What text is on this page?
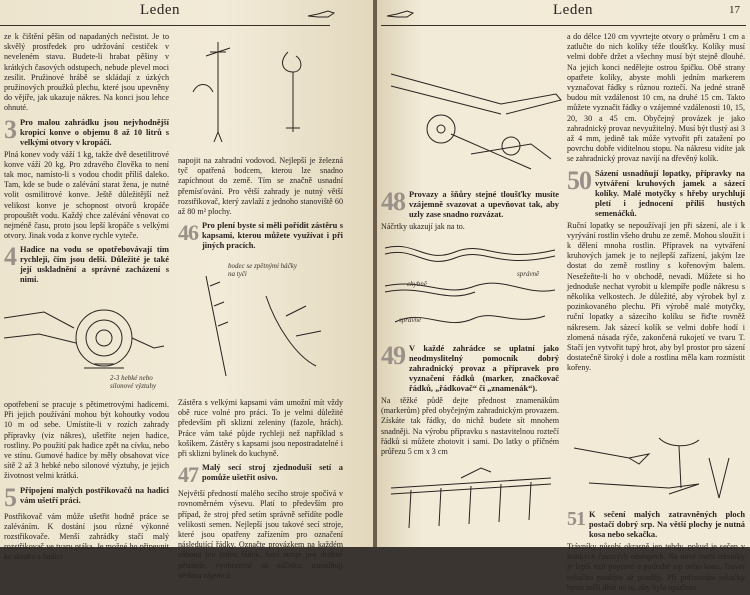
Leden

ze k čištění pěšin od napadaných nečistot. Je to skvělý prostředek pro udržování cestiček v neveleném stavu. Budete-li hrabat pěšiny v krátkých časových odstupech, nebude plevel moci zesílit. Pružinové hrábě se skládají z úzkých pružinových proužků plechu, které jsou upevněny do vějíře, jak ukazuje nákres. Na konci jsou lehce ohnuté.

3 Pro malou zahrádku jsou nejvhodnější kropicí konve o objemu 8 až 10 litrů s velkými otvory v kropáči.

Plná konev vody váží 1 kg, takže dvě desetilitrové konve váží 20 kg. Pro zdravého člověka to není tak moc, namísto-li s vodou chodit příliš daleko. Tam, kde se bude o zalévání starat žena, je nutné volit osmilitrové konve. Ještě důležitější než velikost konve je schopnost otvorů kropáče propouštět vodu. Každý chce zalévání věnovat co nejméně času, proto jsou lepší kropáče s velkými otvory. Jinak voda z konve rychle vyteče.

4 Hadice na vodu se opotřebovávají tím rychleji, čím jsou delší. Důležité je také její uskladnění a správné zacházení s nimi.
2-3 hebké nebo silonové výztuhy

opotřebení se pracuje s pětimetrovými hadicemi. Při jejich používání mohou být kohoutky vodou 10 m od sebe. Umístíte-li v rozích zahrady přípravky (viz nákres), ušetříte nejen hadice, rostliny. Po použití pak hadice zpět na cívku, nebo ve stínu. Gumové hadice by měly obsahovat více sítě 2 až 3 hebké nebo silonové výztuhy, je jejich životnost velmi krátká.

5 Připojení malých postřikovačů na hadici vám ušetří práci.

Postřikovač vám může ušetřit hodně práce se zaléváním. K dostání jsou různé výkonné rozstřikovače. Menší zahrádky stačí malý rozstřikovač ve tvaru ptáka. Je možné ho připevnit ke slouku a hadici

napojit na zahradní vodovod. Nejlepší je železná tyč opatřená bodcem, kterou lze snadno zapíchnout do země. Tím se značně usnadní přemísťování. Pro větší zahrady je nutný větší rozstřikovač, který zavlaží z jednoho stanoviště 60 až 80 m² plochy.

46 Pro plení byste si měli pořídit zástěru s kapsami, kterou můžete využívat i při jiných pracích.
bodec se zpětnými háčky na tyči

Zástěra s velkými kapsami vám umožní mít vždy obě ruce volné pro práci. To je velmi důležité především při sklizni zeleniny (fazole, hrách). Práce vám také půjde rychleji než například s košíkem. Zástěry s kapsami jsou nepostradatelné i při sklizni bylinek do kuchyně.

47 Malý secí stroj zjednoduší setí a pomůže ušetřit osivo.

Největší předností malého secího stroje spočívá v rovnoměrném výsevu. Platí to především pro případ, že stroj před setím správně seřídíte podle velikosti semen. Nejlepší jsou takové secí stroje, které jsou opatřeny zařízením pro označení následující řádky. Označte provázkem na každém záhonu jen jeden řádek. Secí stroje pro drobné pěstitele, vyobrazené na náčrtku, usnadňují většinu zájemců.

Leden	17
48 Provazy a šňůry stejné tloušťky musíte vzájemně svazovat a upevňovat tak, aby uzly zase snadno rozvázat.

Náčrtky ukazují jak na to.

chybně
správně
správně
49 V každé zahrádce se uplatní jako neodmyslitelný pomocník dobrý zahradnický provaz a přípravek pro vyznačení řádků (marker, značkovač řádků, „řádkovač“ či „znamenák“).

Na těžké půdě dejte přednost znamenákům (markerům) před obyčejným zahradnickým provazem. Získáte tak řádky, do nichž budete sít mnohem snadněji. Na výrobu přípravku s nastavitelnou roztečí řádků si můžete zhotovit i sami. Do latky o příčném průřezu 5 cm x 3 cm

a do délce 120 cm vyvrtejte otvory o průměru 1 cm a zatlučte do nich kolíky téže tloušťky. Kolíky musí velmi dobře držet a všechny musí být stejně dlouhé. Na jejich konci nedělejte ostrou špičku. Obě strany opatřete kolíky, abyste mohli jedním markerem vyznačovat řádky s různou roztečí. Na jedné straně budou mít vzdálenost 10 cm, na druhé 15 cm. Takto můžete vyznačit řádky o vzájemné vzdálenosti 10, 15, 20, 30 a 45 cm. Obyčejný provázek je jako zahradnický provaz nevyužitelný. Musí být tlustý asi 3 až 4 mm, jedině tak může vytvořit při zatažení po povrchu dobře viditelnou stopu. Na nákresu vidíte jak se zahradnický provaz navíjí na dřevěný kolík.

50 Sázení usnadňují lopatky, přípravky na vytváření kruhových jamek a sázecí kolíky. Malé motyčky s hřeby urychlují pletí i jednocení příliš hustých semenáčků.

Ruční lopatky se nepoužívají jen při sázení, ale i k vyrývání rostlin všeho druhu ze země. Mohou sloužit i k dělení mnoha rostlin. Přípravek na vytváření kruhových jamek je to nejlepší zařízení, jakým lze dostat do země rostliny s kořenovým balem. Nesežeňte-li ho v obchodě, nevadí. Můžete si ho jednoduše nechat vyrobit u klempíře podle nákresu s několika velkostech. Je důležité, aby výrobek byl z pozinkovaného plechu. Při výrobě malé motyčky, ruční lopatky a sázecího kolíku se řiďte rovněž nákresem. Jak sázecí kolík se velmi dobře hodí i zlomená násada rýče, zakončená rukojetí ve tvaru T. Stačí jen vytvořit tupý hrot, aby byl prostor pro sázení dostatečně široký i dole a rostlina měla kam rozmístit kořeny.

51 K sečení malých zatravněných ploch postačí dobrý srp. Na větší plochy je nutná kosa nebo sekačka.

Trávníky působí okrasně jen tehdy, pokud je sečen v krátkých časových odstupech. Na nové osetá trávníky je lepší vzít popravé a podruhé srp nebo kosu. Travní sekačku použijte až později. Při pořizování sekačky byste měli dbát na to, aby byla opatřena
